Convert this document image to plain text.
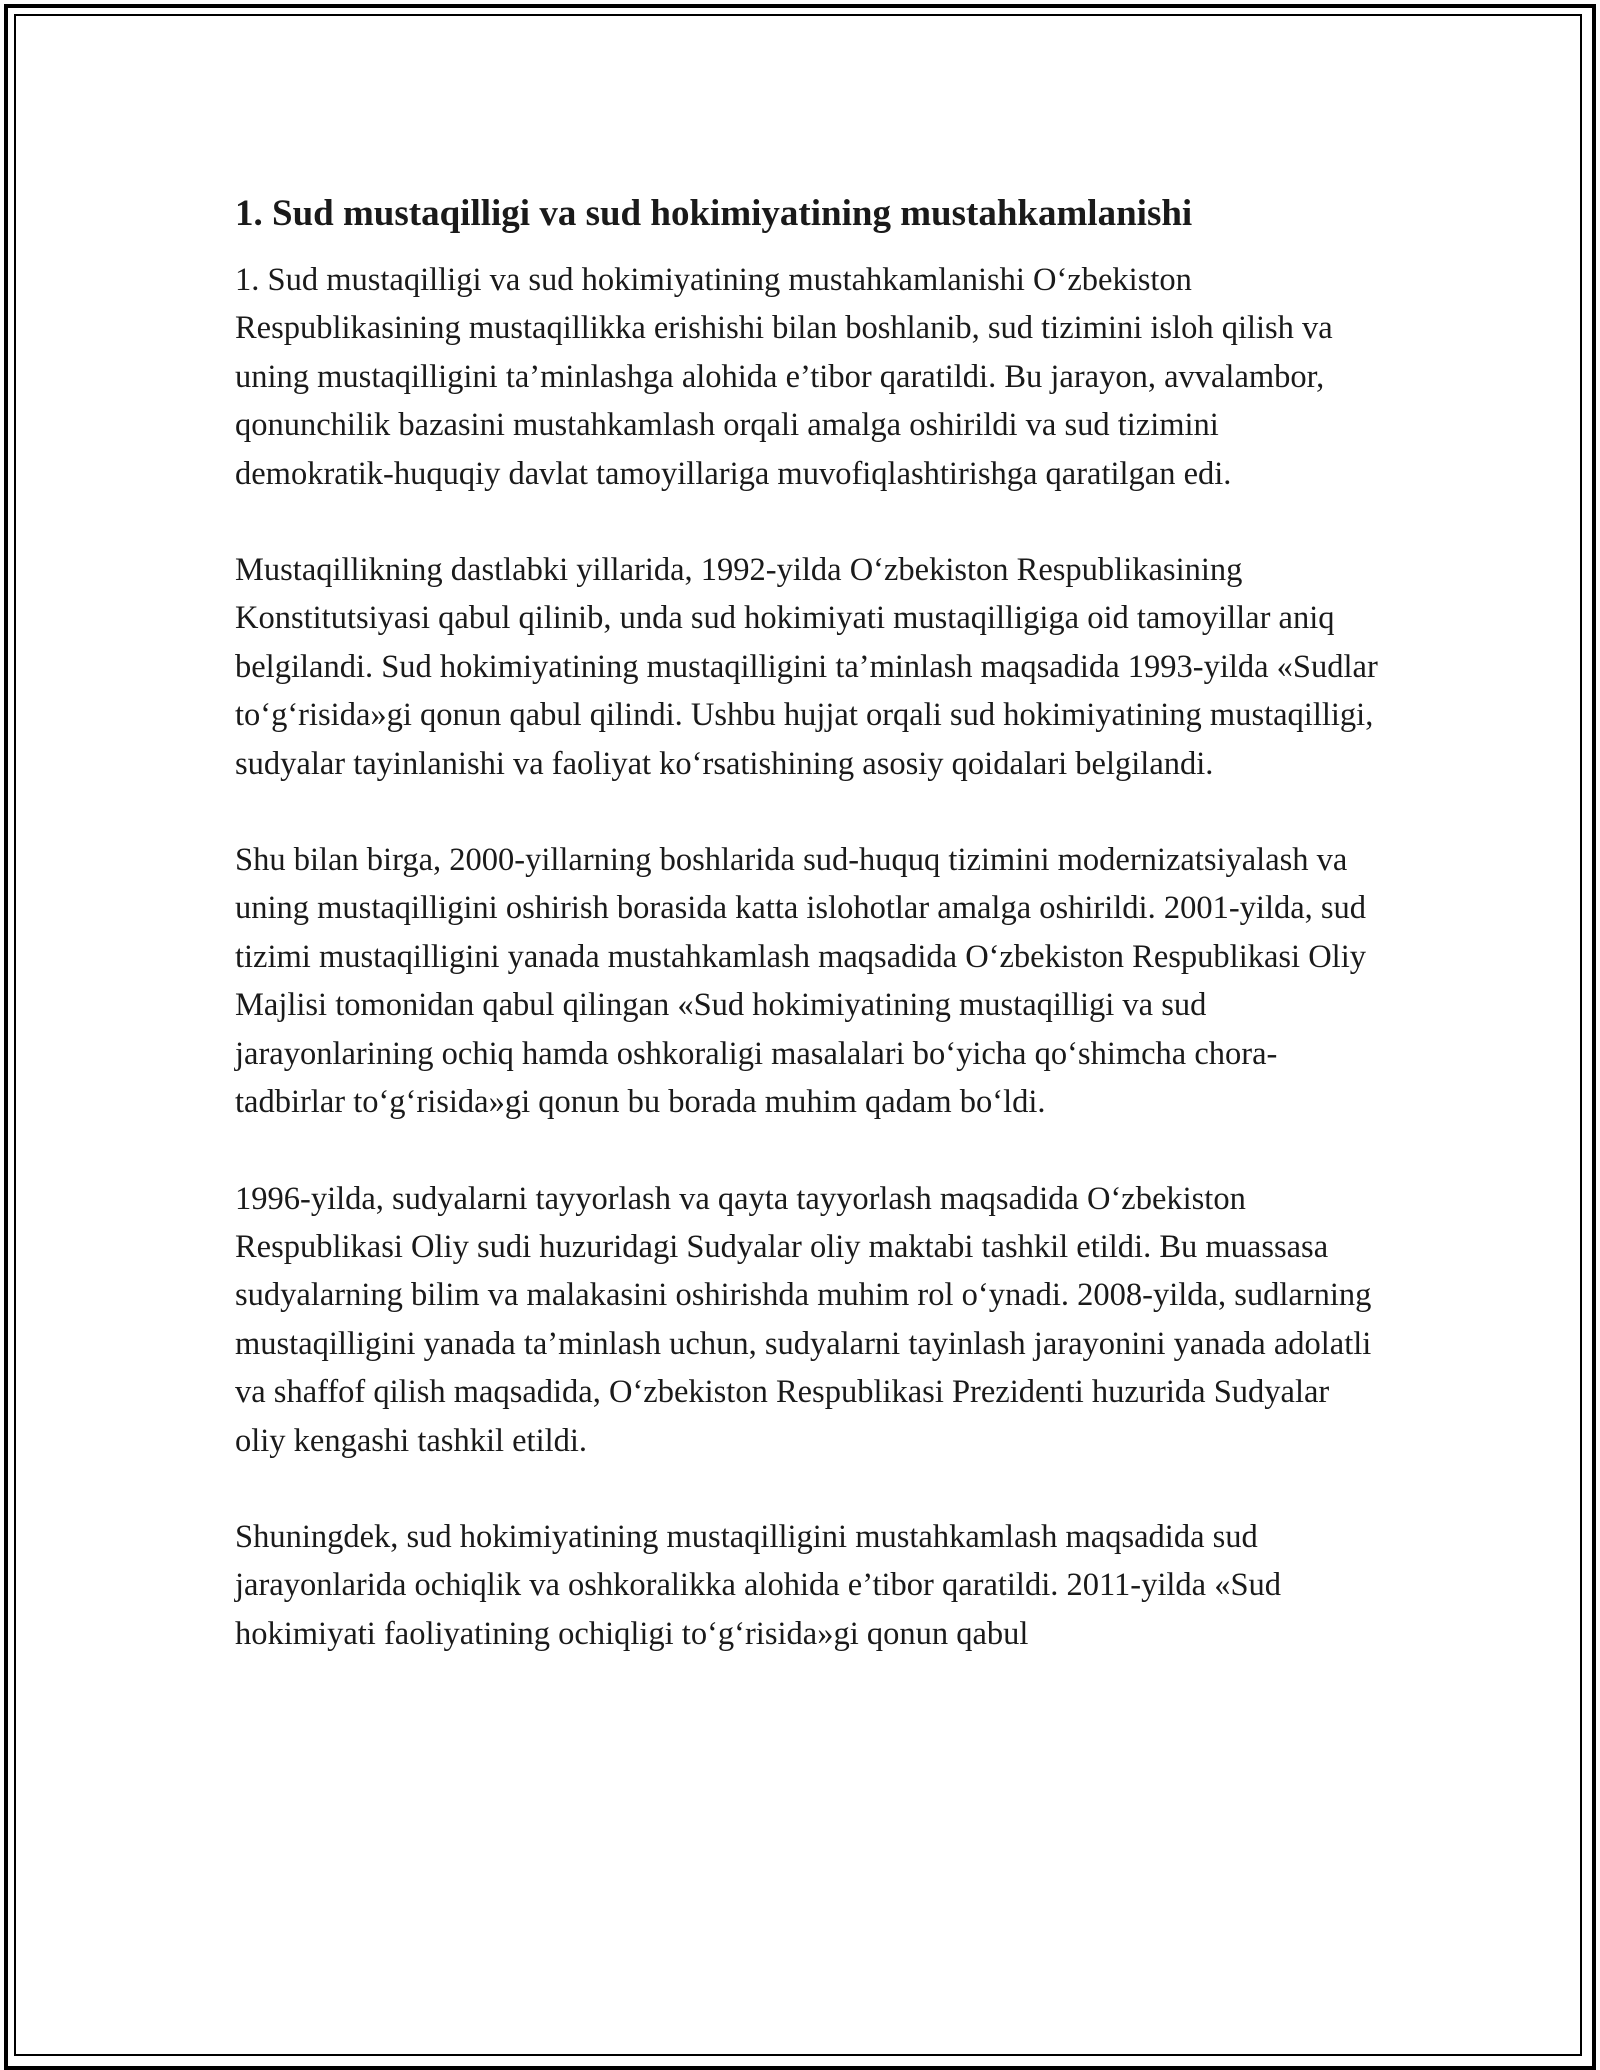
1. Sud mustaqilligi va sud hokimiyatining mustahkamlanishi

1. Sud mustaqilligi va sud hokimiyatining mustahkamlanishi O‘zbekiston Respublikasining mustaqillikka erishishi bilan boshlanib, sud tizimini isloh qilish va uning mustaqilligini ta’minlashga alohida e’tibor qaratildi. Bu jarayon, avvalambor, qonunchilik bazasini mustahkamlash orqali amalga oshirildi va sud tizimini demokratik-huquqiy davlat tamoyillariga muvofiqlashtirishga qaratilgan edi.

Mustaqillikning dastlabki yillarida, 1992-yilda O‘zbekiston Respublikasining Konstitutsiyasi qabul qilinib, unda sud hokimiyati mustaqilligiga oid tamoyillar aniq belgilandi. Sud hokimiyatining mustaqilligini ta’minlash maqsadida 1993-yilda «Sudlar to‘g‘risida»gi qonun qabul qilindi. Ushbu hujjat orqali sud hokimiyatining mustaqilligi, sudyalar tayinlanishi va faoliyat ko‘rsatishining asosiy qoidalari belgilandi.

Shu bilan birga, 2000-yillarning boshlarida sud-huquq tizimini modernizatsiyalash va uning mustaqilligini oshirish borasida katta islohotlar amalga oshirildi. 2001-yilda, sud tizimi mustaqilligini yanada mustahkamlash maqsadida O‘zbekiston Respublikasi Oliy Majlisi tomonidan qabul qilingan «Sud hokimiyatining mustaqilligi va sud jarayonlarining ochiq hamda oshkoraligi masalalari bo‘yicha qo‘shimcha chora-tadbirlar to‘g‘risida»gi qonun bu borada muhim qadam bo‘ldi.

1996-yilda, sudyalarni tayyorlash va qayta tayyorlash maqsadida O‘zbekiston Respublikasi Oliy sudi huzuridagi Sudyalar oliy maktabi tashkil etildi. Bu muassasa sudyalarning bilim va malakasini oshirishda muhim rol o‘ynadi. 2008-yilda, sudlarning mustaqilligini yanada ta’minlash uchun, sudyalarni tayinlash jarayonini yanada adolatli va shaffof qilish maqsadida, O‘zbekiston Respublikasi Prezidenti huzurida Sudyalar oliy kengashi tashkil etildi.

Shuningdek, sud hokimiyatining mustaqilligini mustahkamlash maqsadida sud jarayonlarida ochiqlik va oshkoralikka alohida e’tibor qaratildi. 2011-yilda «Sud hokimiyati faoliyatining ochiqligi to‘g‘risida»gi qonun qabul
